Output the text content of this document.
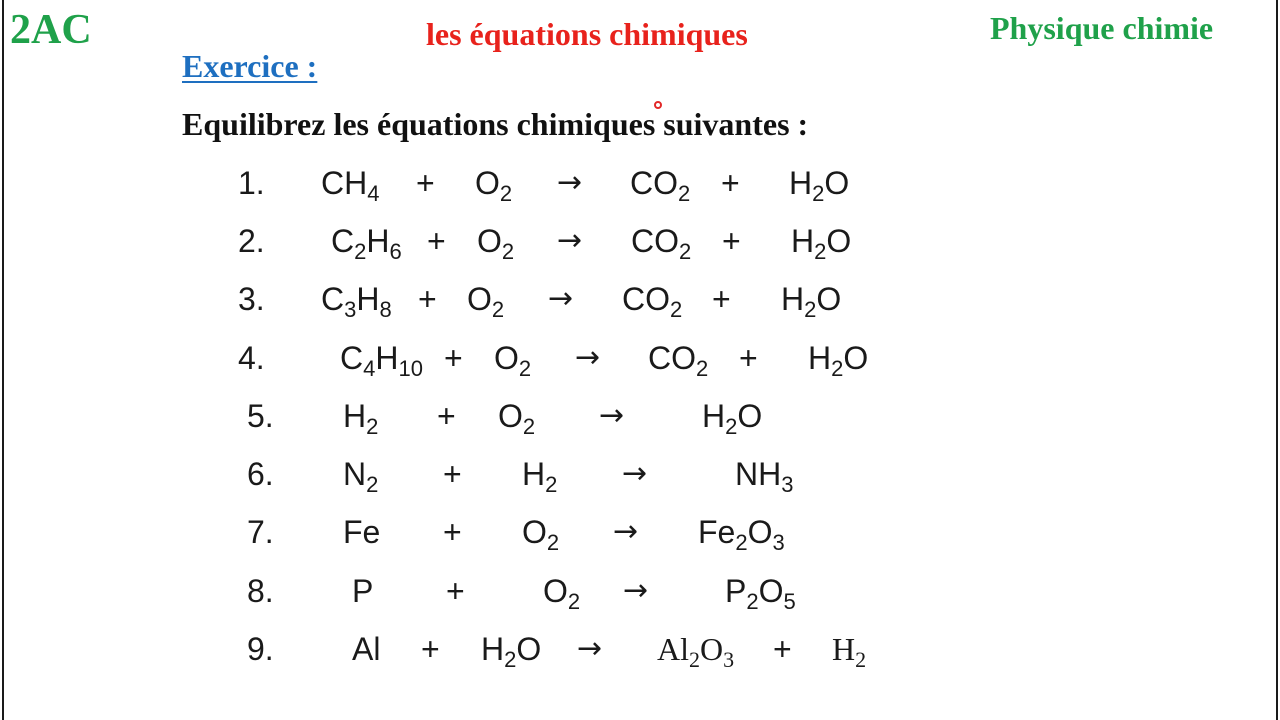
2AC	les équations chimiques	Physique chimie
Exercice :
Equilibrez les équations chimiques suivantes :
1. $CH_4 + O_2 \to CO_2 + H_2O$
2. $C_2H_6 + O_2 \to CO_2 + H_2O$
3. $C_3H_8 + O_2 \to CO_2 + H_2O$
4. $C_4H_{10} + O_2 \to CO_2 + H_2O$
5. $H_2 + O_2 \to H_2O$
6. $N_2 + H_2$ →	$NH_3$
7. $Fe + O_2 \to Fe_2O_3$
8. $P + O_2 \to P_2O_5$
9. $Al + H_2O \to Al_2O_3 + H_2$
